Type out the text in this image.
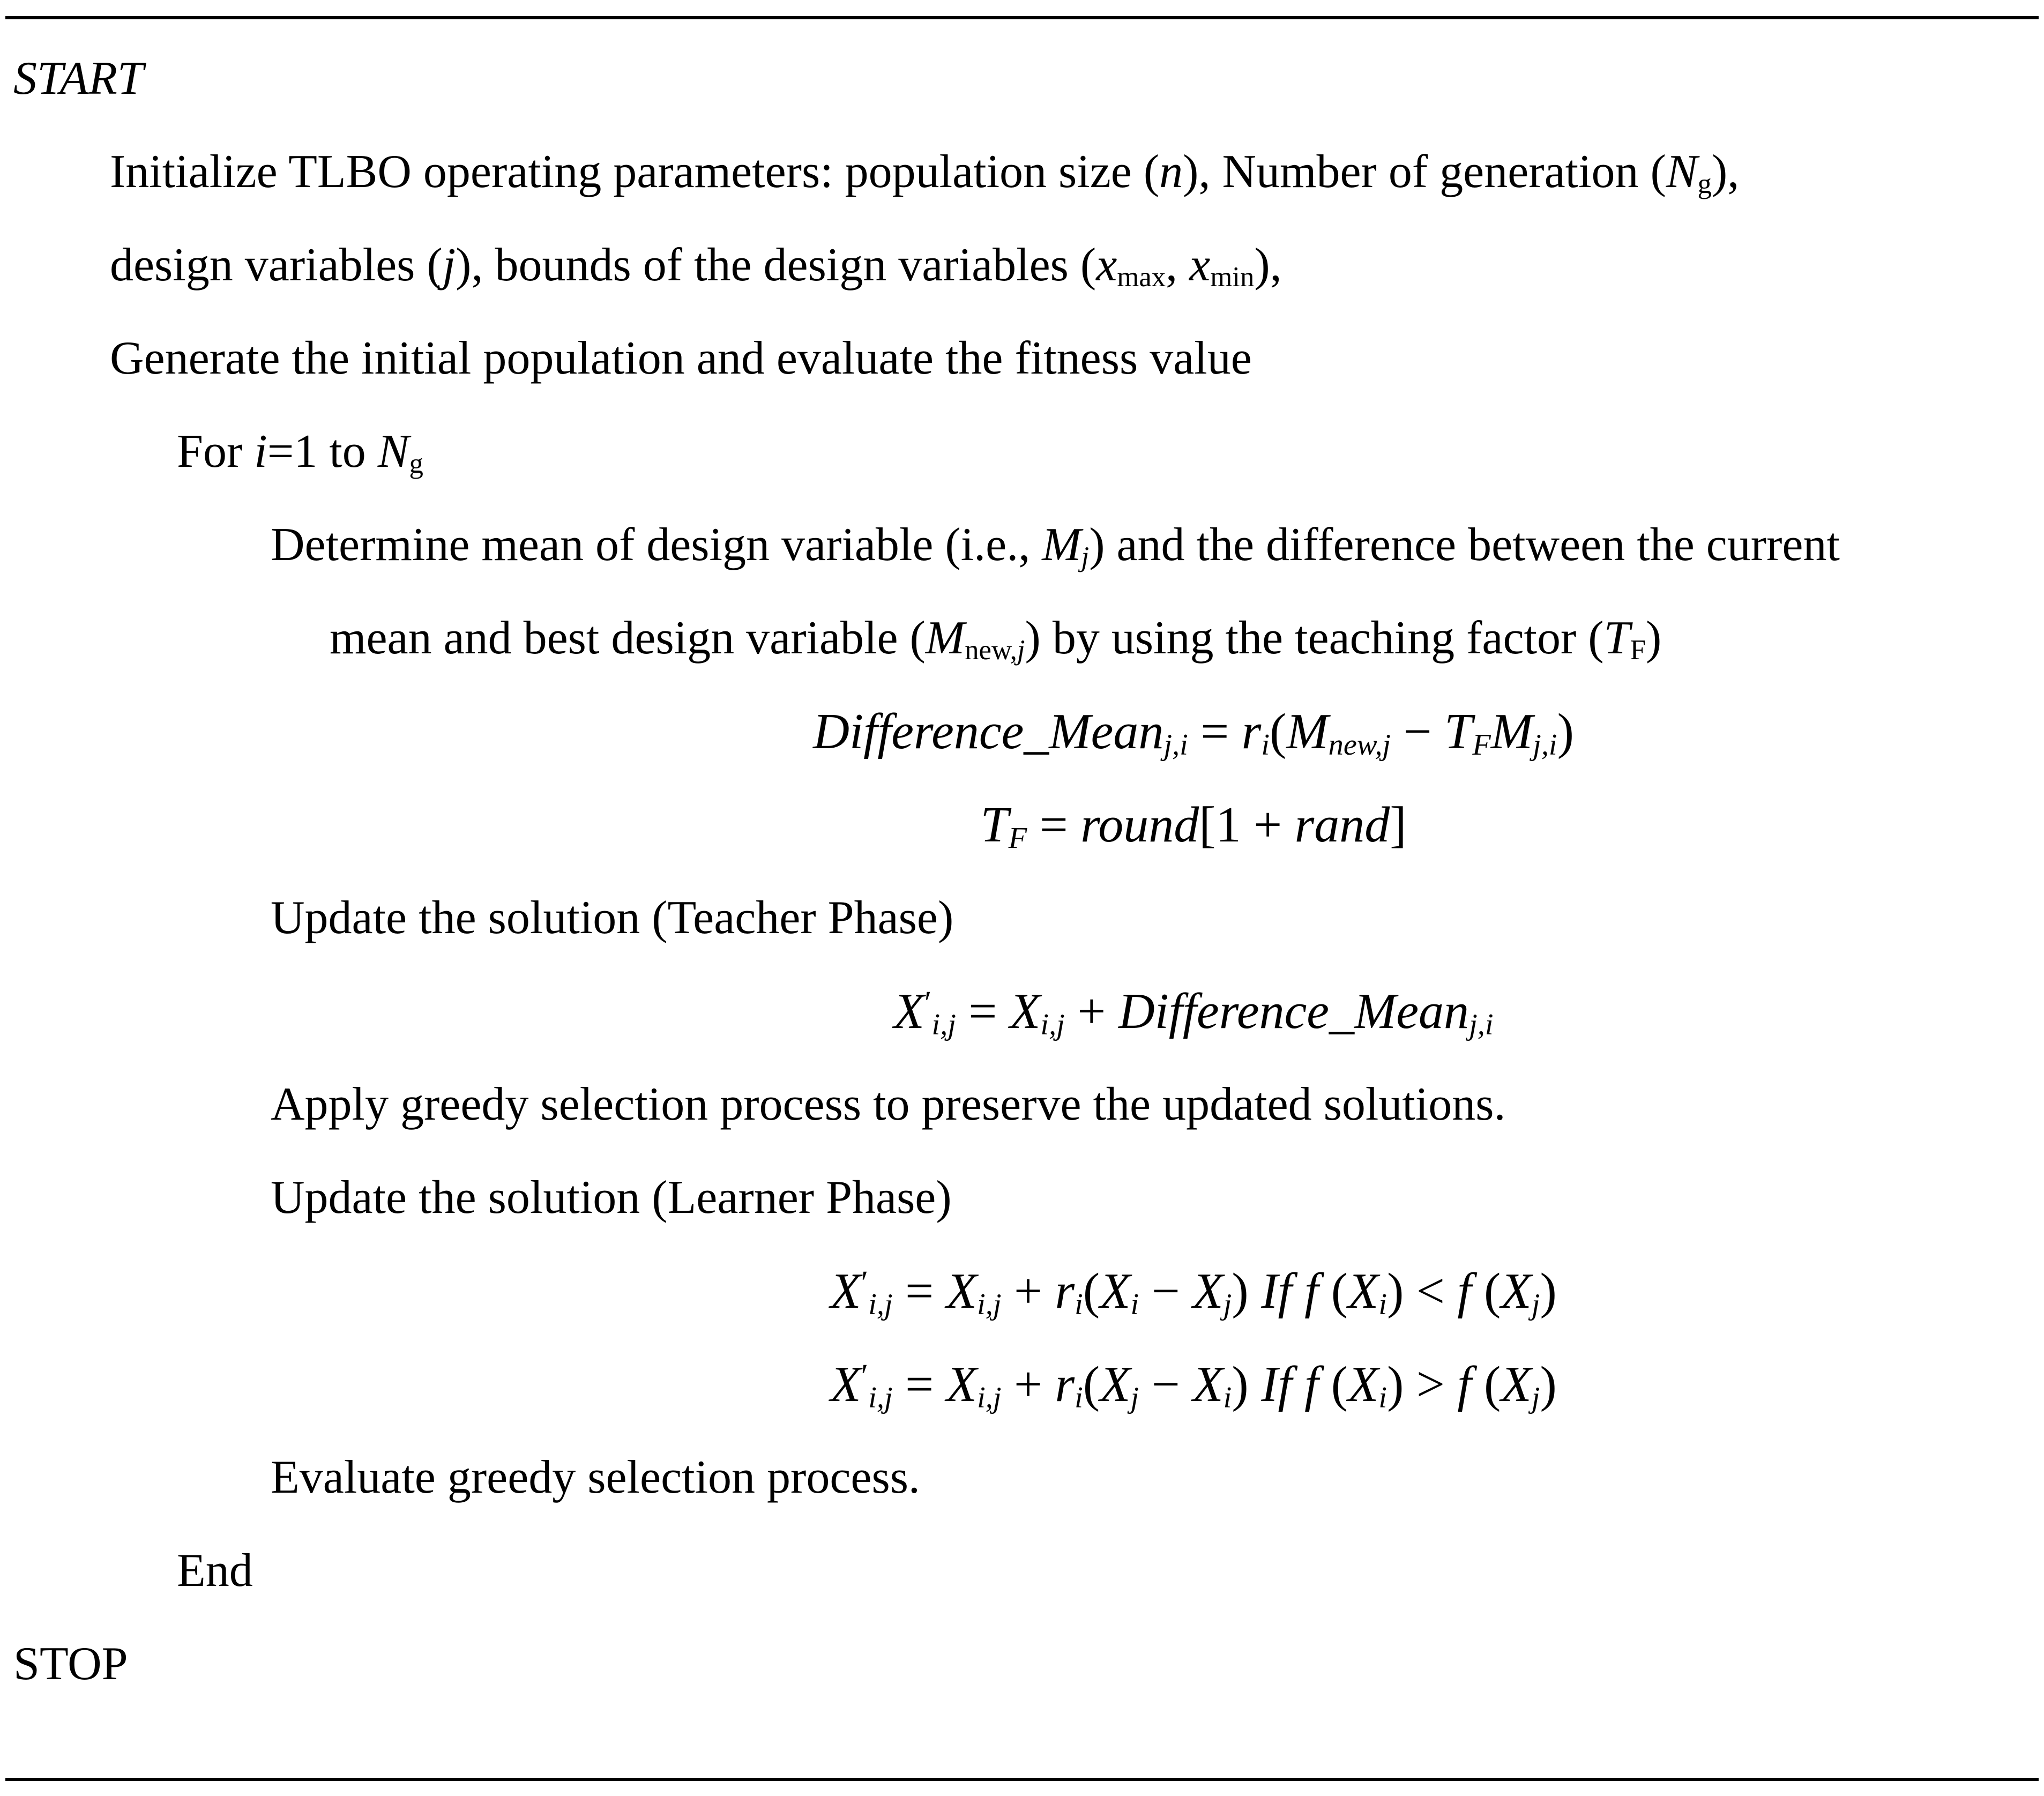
START
Initialize TLBO operating parameters: population size (n), Number of generation (Ng),
design variables (j), bounds of the design variables (xmax, xmin),
Generate the initial population and evaluate the fitness value
For i=1 to Ng
Determine mean of design variable (i.e., Mj) and the difference between the current
mean and best design variable (Mnew,j) by using the teaching factor (TF)
Difference_Meanj,i = ri(Mnew,j − TFMj,i)
TF = round[1 + rand]
Update the solution (Teacher Phase)
X′i,j = Xi,j + Difference_Meanj,i
Apply greedy selection process to preserve the updated solutions.
Update the solution (Learner Phase)
X′i,j = Xi,j + ri(Xi − Xj) If f (Xi) < f (Xj)
X′i,j = Xi,j + ri(Xj − Xi) If f (Xi) > f (Xj)
Evaluate greedy selection process.
End
STOP
